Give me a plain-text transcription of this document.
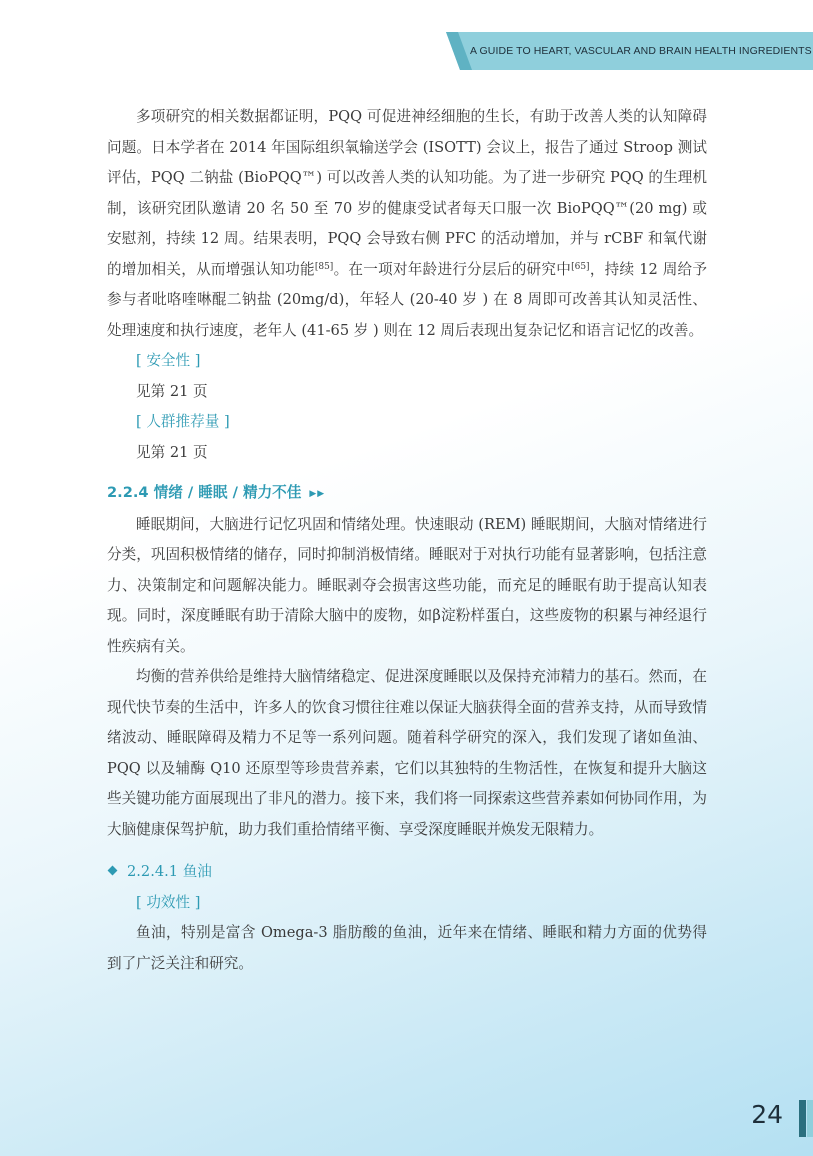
A GUIDE TO HEART, VASCULAR AND BRAIN HEALTH INGREDIENTS

多项研究的相关数据都证明，PQQ 可促进神经细胞的生长，有助于改善人类的认知障碍问题。日本学者在 2014 年国际组织氧输送学会 (ISOTT) 会议上，报告了通过 Stroop 测试评估，PQQ 二钠盐 (BioPQQ™) 可以改善人类的认知功能。为了进一步研究 PQQ 的生理机制，该研究团队邀请 20 名 50 至 70 岁的健康受试者每天口服一次 BioPQQ™(20 mg) 或安慰剂，持续 12 周。结果表明，PQQ 会导致右侧 PFC 的活动增加，并与 rCBF 和氧代谢的增加相关，从而增强认知功能[85]。在一项对年龄进行分层后的研究中[65]，持续 12 周给予参与者吡咯喹啉醌二钠盐 (20mg/d)，年轻人 (20-40 岁 ) 在 8 周即可改善其认知灵活性、处理速度和执行速度，老年人 (41-65 岁 ) 则在 12 周后表现出复杂记忆和语言记忆的改善。

[ 安全性 ]

见第 21 页

[ 人群推荐量 ]

见第 21 页

2.2.4 情绪 / 睡眠 / 精力不佳 ▶▶

睡眠期间，大脑进行记忆巩固和情绪处理。快速眼动 (REM) 睡眠期间，大脑对情绪进行分类，巩固积极情绪的储存，同时抑制消极情绪。睡眠对于对执行功能有显著影响，包括注意力、决策制定和问题解决能力。睡眠剥夺会损害这些功能，而充足的睡眠有助于提高认知表现。同时，深度睡眠有助于清除大脑中的废物，如β淀粉样蛋白，这些废物的积累与神经退行性疾病有关。

均衡的营养供给是维持大脑情绪稳定、促进深度睡眠以及保持充沛精力的基石。然而，在现代快节奏的生活中，许多人的饮食习惯往往难以保证大脑获得全面的营养支持，从而导致情绪波动、睡眠障碍及精力不足等一系列问题。随着科学研究的深入，我们发现了诸如鱼油、PQQ 以及辅酶 Q10 还原型等珍贵营养素，它们以其独特的生物活性，在恢复和提升大脑这些关键功能方面展现出了非凡的潜力。接下来，我们将一同探索这些营养素如何协同作用，为大脑健康保驾护航，助力我们重拾情绪平衡、享受深度睡眠并焕发无限精力。

2.2.4.1 鱼油

[ 功效性 ]

鱼油，特别是富含 Omega-3 脂肪酸的鱼油，近年来在情绪、睡眠和精力方面的优势得到了广泛关注和研究。

24
